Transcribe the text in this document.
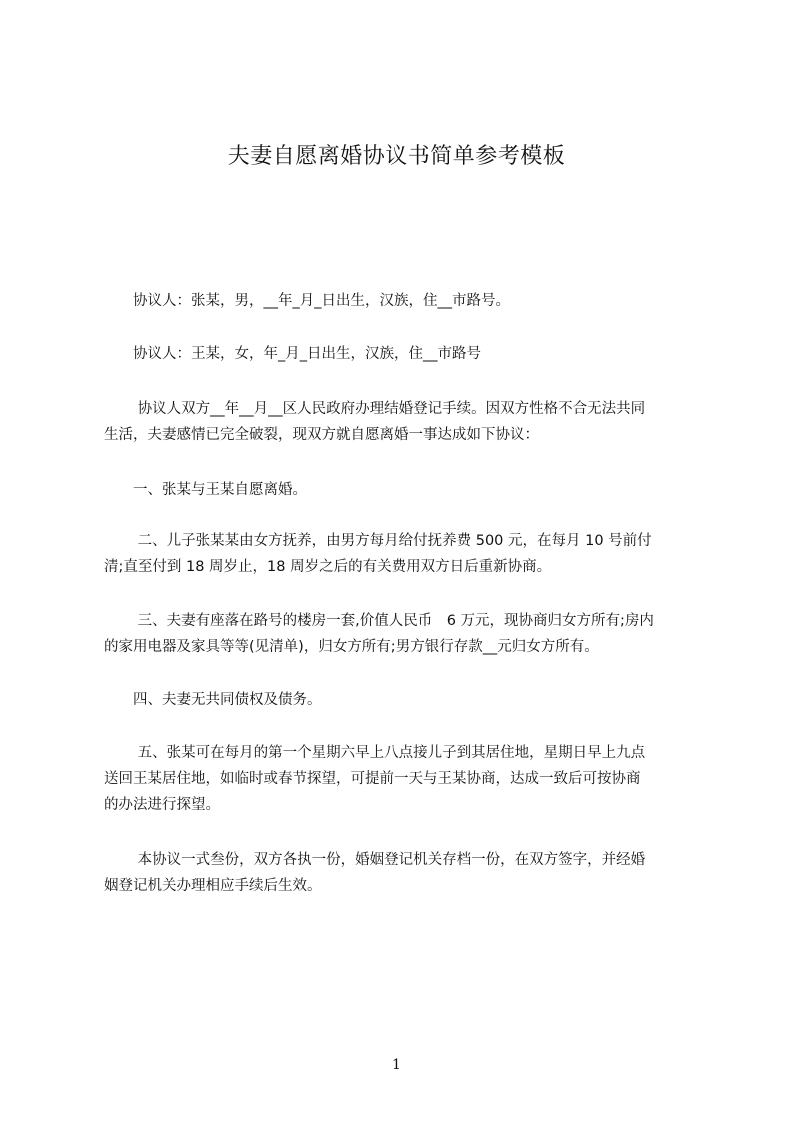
夫妻自愿离婚协议书简单参考模板

　　协议人：张某，男，__年_月_日出生，汉族，住__市路号。

　　协议人：王某，女，年_月_日出生，汉族，住__市路号

　　 协议人双方__年__月__区人民政府办理结婚登记手续。因双方性格不合无法共同
生活，夫妻感情已完全破裂，现双方就自愿离婚一事达成如下协议：

　　一、张某与王某自愿离婚。

　　 二、儿子张某某由女方抚养，由男方每月给付抚养费 500 元，在每月 10 号前付
清;直至付到 18 周岁止，18 周岁之后的有关费用双方日后重新协商。

　　 三、夫妻有座落在路号的楼房一套,价值人民币　6 万元，现协商归女方所有;房内
的家用电器及家具等等(见清单)，归女方所有;男方银行存款__元归女方所有。

　　四、夫妻无共同债权及债务。

　　 五、张某可在每月的第一个星期六早上八点接儿子到其居住地，星期日早上九点
送回王某居住地，如临时或春节探望，可提前一天与王某协商，达成一致后可按协商
的办法进行探望。

　　 本协议一式叁份，双方各执一份，婚姻登记机关存档一份，在双方签字，并经婚
姻登记机关办理相应手续后生效。

1
